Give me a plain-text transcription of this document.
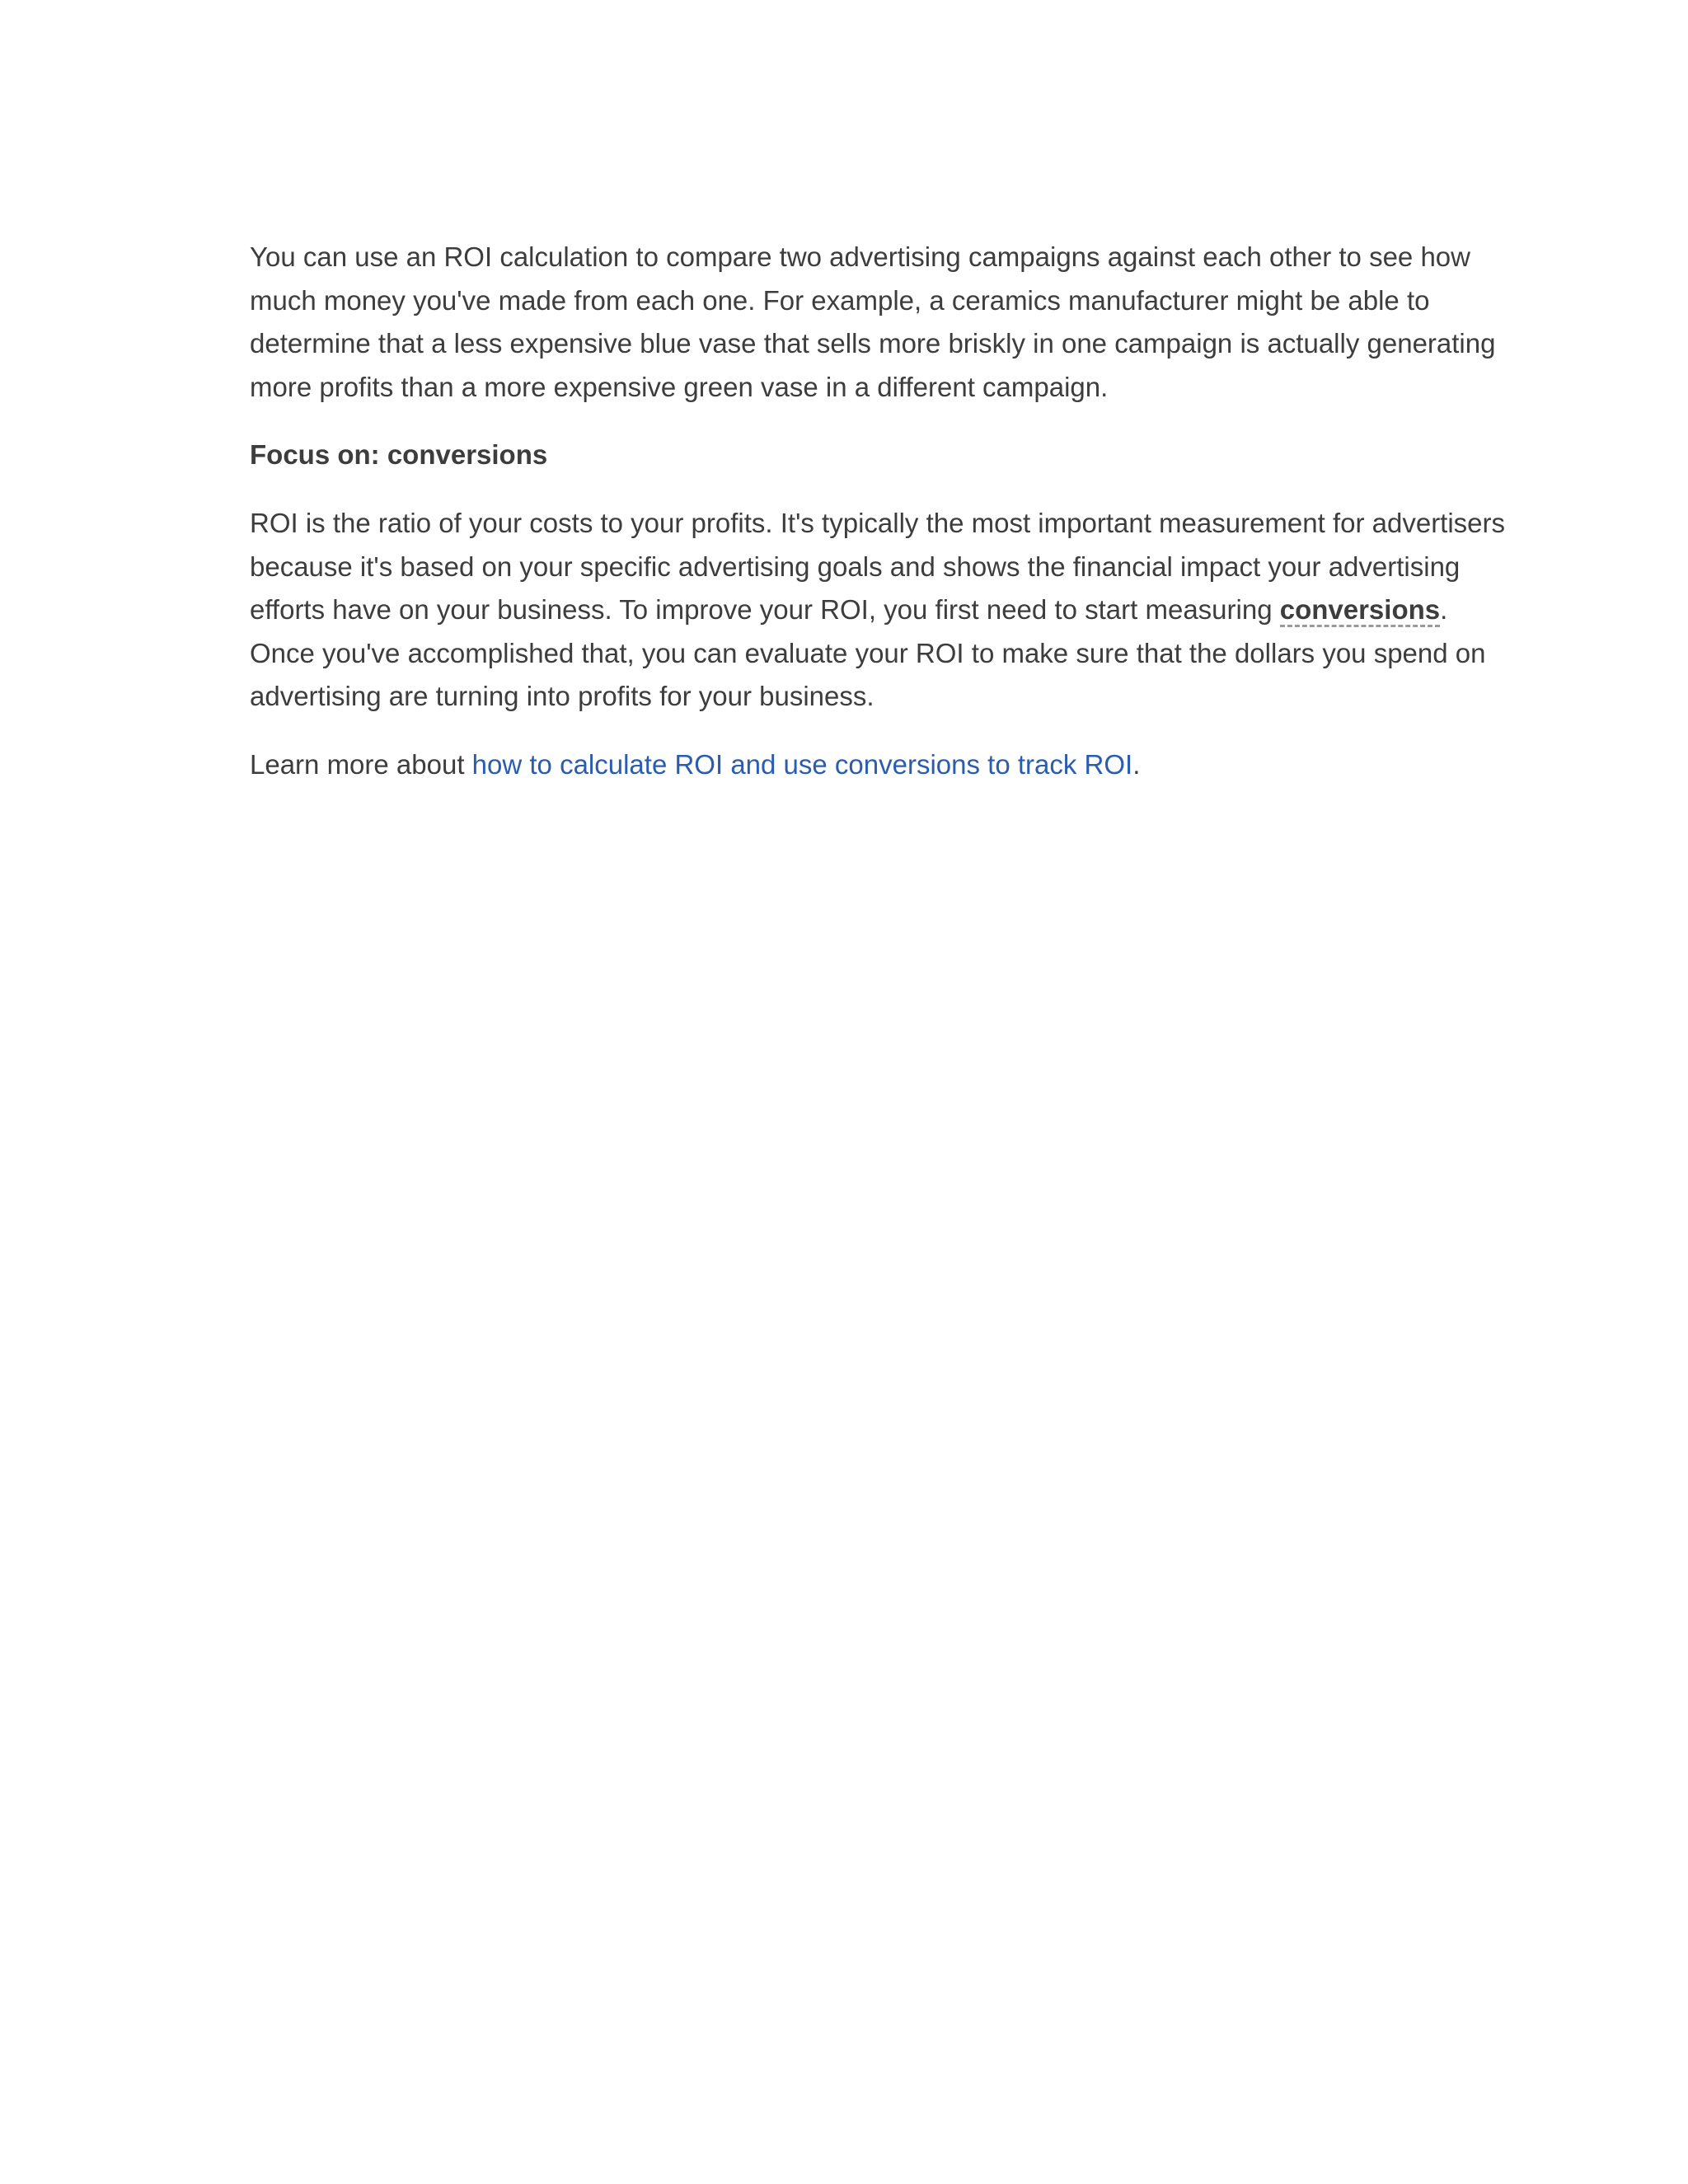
You can use an ROI calculation to compare two advertising campaigns against each other to see how much money you've made from each one. For example, a ceramics manufacturer might be able to determine that a less expensive blue vase that sells more briskly in one campaign is actually generating more profits than a more expensive green vase in a different campaign.

Focus on: conversions

ROI is the ratio of your costs to your profits. It's typically the most important measurement for advertisers because it's based on your specific advertising goals and shows the financial impact your advertising efforts have on your business. To improve your ROI, you first need to start measuring conversions. Once you've accomplished that, you can evaluate your ROI to make sure that the dollars you spend on advertising are turning into profits for your business.

Learn more about how to calculate ROI and use conversions to track ROI.
